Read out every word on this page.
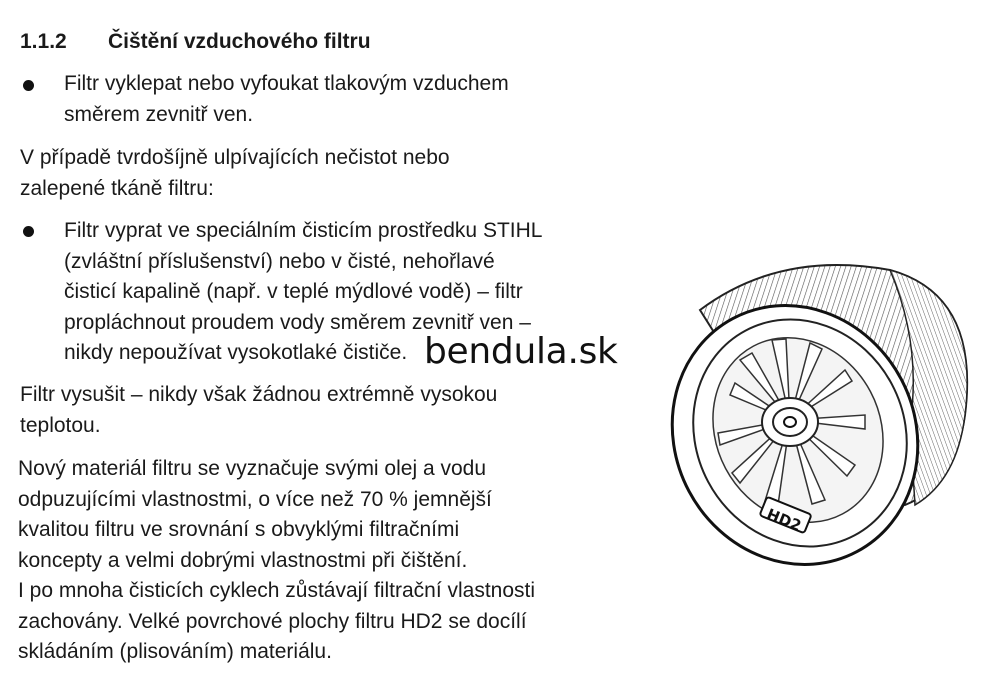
1.1.2 Čištění vzduchového filtru

Filtr vyklepat nebo vyfoukat tlakovým vzduchem
směrem zevnitř ven.

V případě tvrdošíjně ulpívajících nečistot nebo
zalepené tkáně filtru:

Filtr vyprat ve speciálním čisticím prostředku STIHL
(zvláštní příslušenství) nebo v čisté, nehořlavé
čisticí kapalině (např. v teplé mýdlové vodě) – filtr
propláchnout proudem vody směrem zevnitř ven –
nikdy nepoužívat vysokotlaké čističe.

Filtr vysušit – nikdy však žádnou extrémně vysokou
teplotou.

Nový materiál filtru se vyznačuje svými olej a vodu
odpuzujícími vlastnostmi, o více než 70 % jemnější
kvalitou filtru ve srovnání s obvyklými filtračními
koncepty a velmi dobrými vlastnostmi při čištění.
I po mnoha čisticích cyklech zůstávají filtrační vlastnosti
zachovány. Velké povrchové plochy filtru HD2 se docílí
skládáním (plisováním) materiálu.

bendula.sk
HD2
